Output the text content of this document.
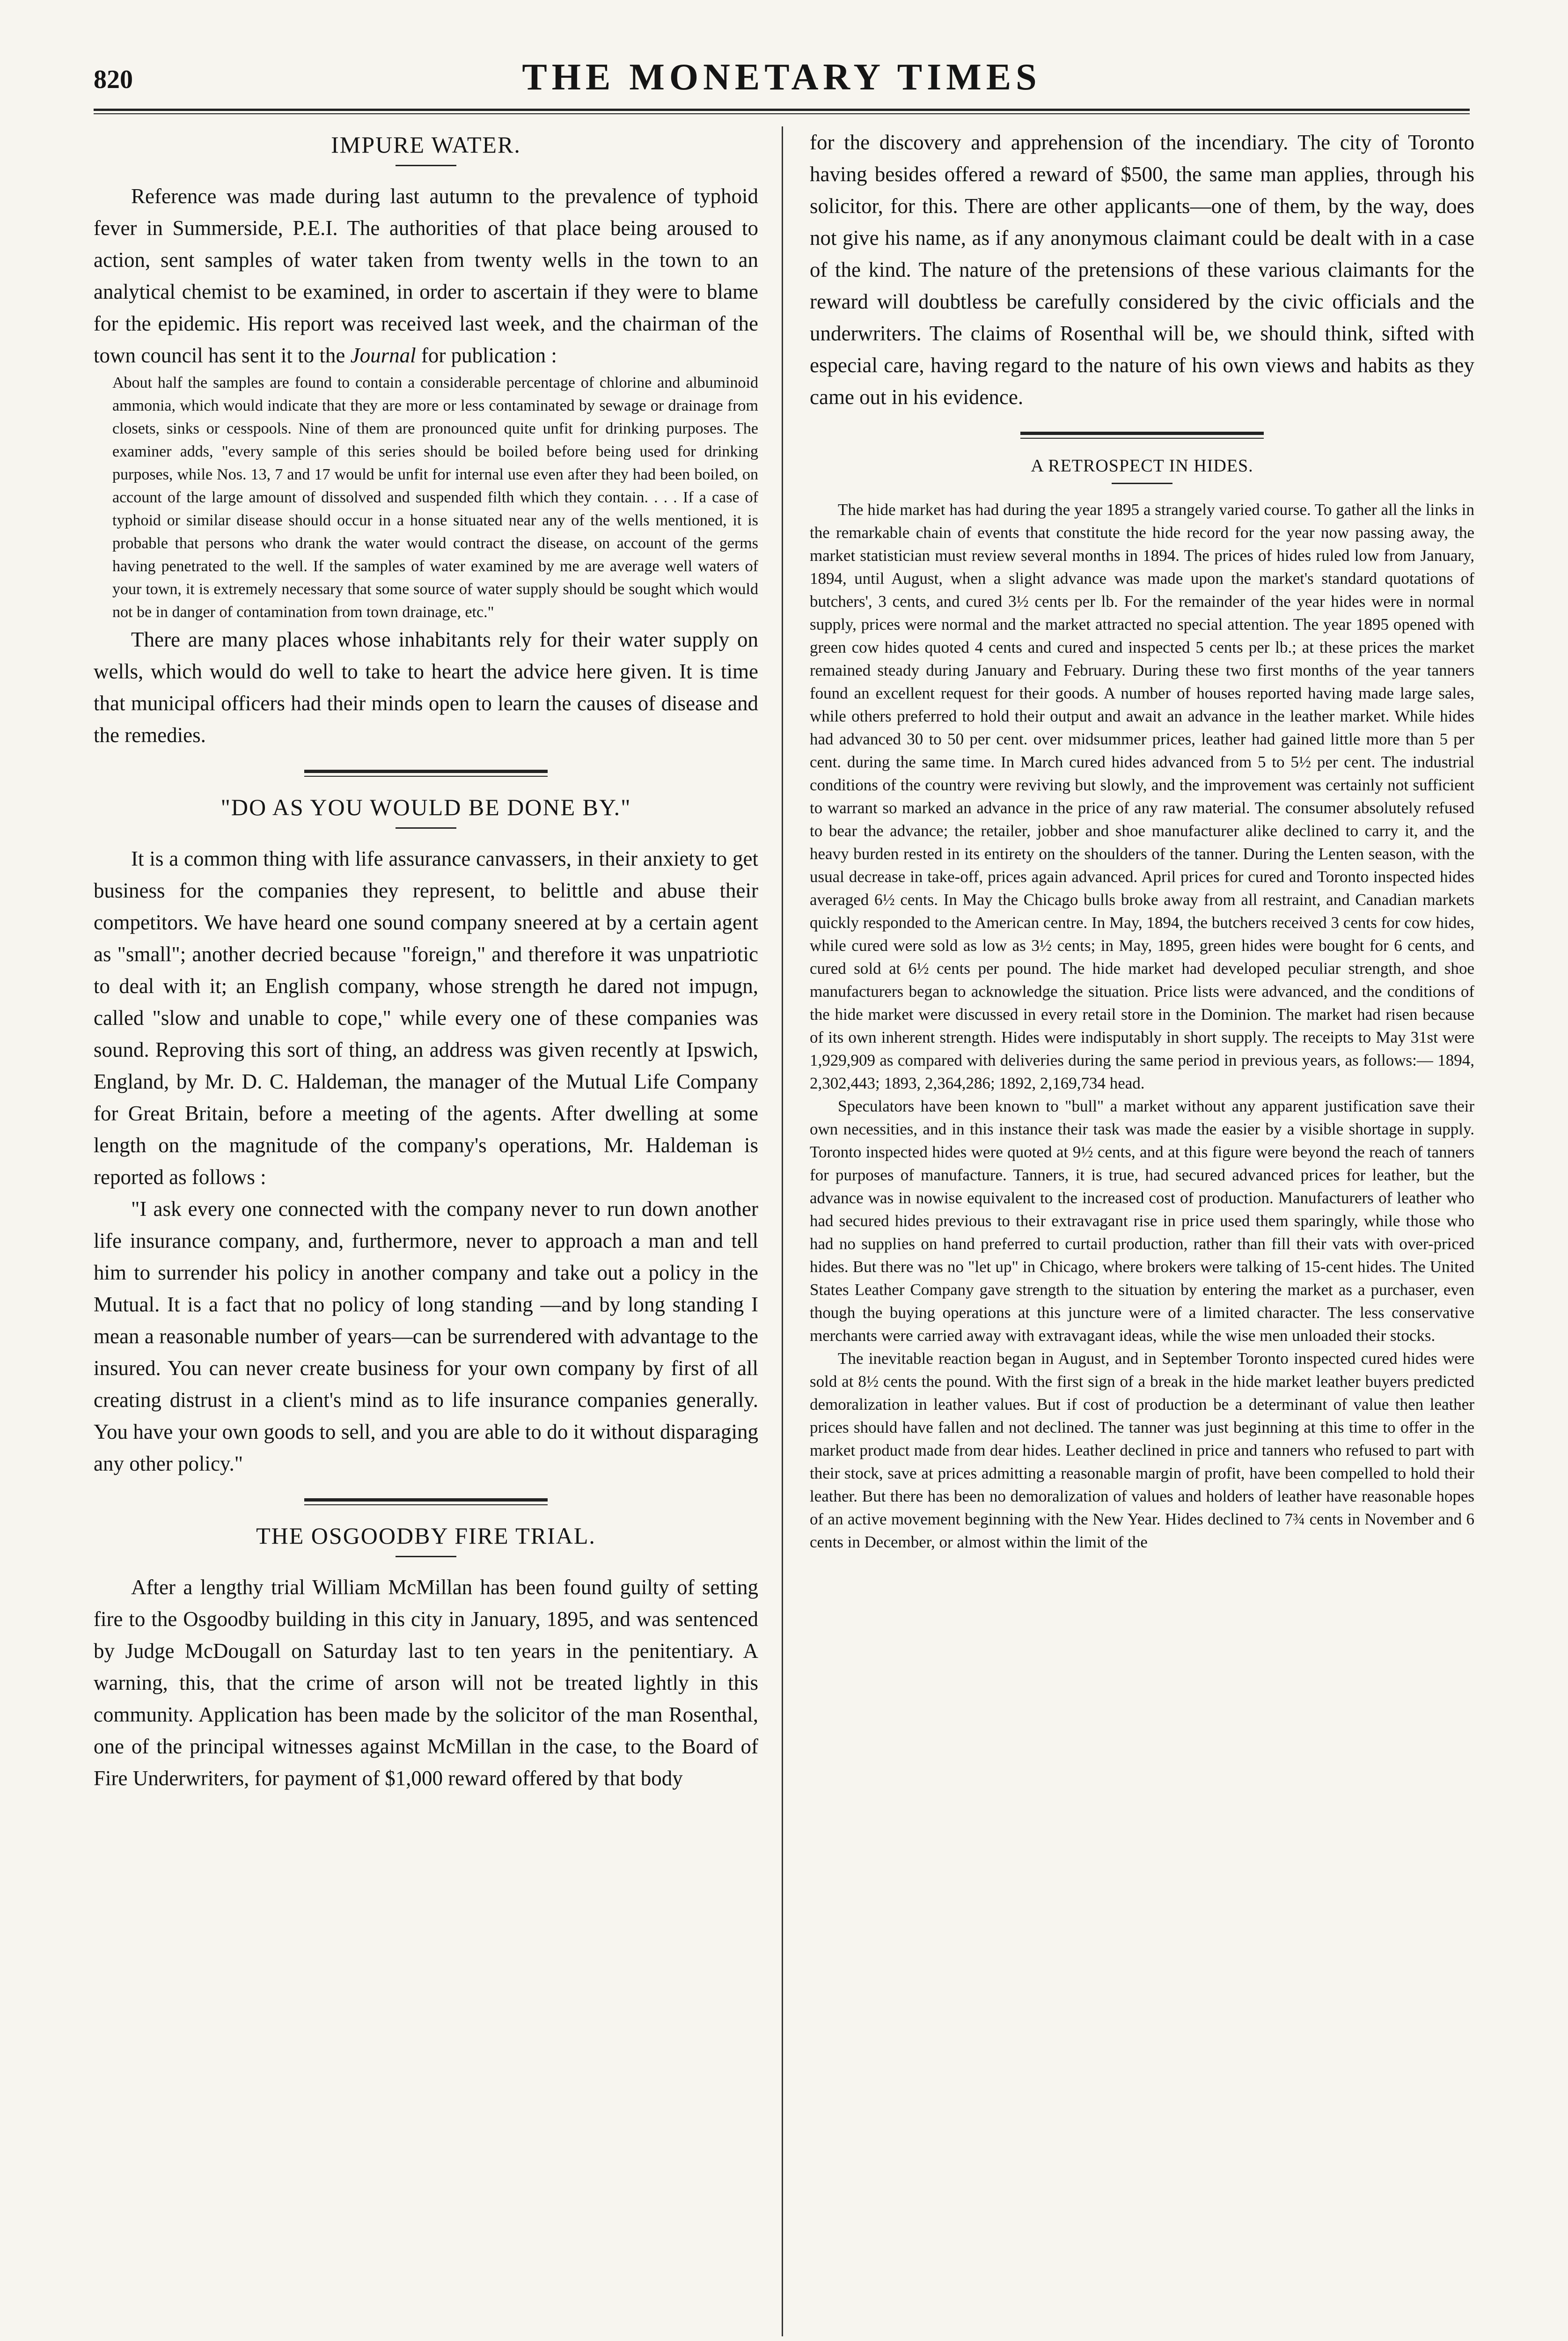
820	THE MONETARY TIMES
IMPURE WATER.

Reference was made during last autumn to the prevalence of typhoid fever in Summerside, P.E.I. The authorities of that place being aroused to action, sent samples of water taken from twenty wells in the town to an analytical chemist to be examined, in order to ascertain if they were to blame for the epidemic. His report was received last week, and the chairman of the town council has sent it to the Journal for publication :

About half the samples are found to contain a considerable percentage of chlorine and albuminoid ammonia, which would indicate that they are more or less contaminated by sewage or drainage from closets, sinks or cesspools. Nine of them are pronounced quite unfit for drinking purposes. The examiner adds, "every sample of this series should be boiled before being used for drinking purposes, while Nos. 13, 7 and 17 would be unfit for internal use even after they had been boiled, on account of the large amount of dissolved and suspended filth which they contain. . . . If a case of typhoid or similar disease should occur in a honse situated near any of the wells mentioned, it is probable that persons who drank the water would contract the disease, on account of the germs having penetrated to the well. If the samples of water examined by me are average well waters of your town, it is extremely necessary that some source of water supply should be sought which would not be in danger of contamination from town drainage, etc."

There are many places whose inhabitants rely for their water supply on wells, which would do well to take to heart the advice here given. It is time that municipal officers had their minds open to learn the causes of disease and the remedies.

"DO AS YOU WOULD BE DONE BY."

It is a common thing with life assurance canvassers, in their anxiety to get business for the companies they represent, to belittle and abuse their competitors. We have heard one sound company sneered at by a certain agent as "small"; another decried because "foreign," and therefore it was unpatriotic to deal with it; an English company, whose strength he dared not impugn, called "slow and unable to cope," while every one of these companies was sound. Reproving this sort of thing, an address was given recently at Ipswich, England, by Mr. D. C. Haldeman, the manager of the Mutual Life Company for Great Britain, before a meeting of the agents. After dwelling at some length on the magnitude of the company's operations, Mr. Haldeman is reported as follows :

"I ask every one connected with the company never to run down another life insurance company, and, furthermore, never to approach a man and tell him to surrender his policy in another company and take out a policy in the Mutual. It is a fact that no policy of long standing —and by long standing I mean a reasonable number of years—can be surrendered with advantage to the insured. You can never create business for your own company by first of all creating distrust in a client's mind as to life insurance companies generally. You have your own goods to sell, and you are able to do it without disparaging any other policy."

THE OSGOODBY FIRE TRIAL.

After a lengthy trial William McMillan has been found guilty of setting fire to the Osgoodby building in this city in January, 1895, and was sentenced by Judge McDougall on Saturday last to ten years in the penitentiary. A warning, this, that the crime of arson will not be treated lightly in this community. Application has been made by the solicitor of the man Rosenthal, one of the principal witnesses against McMillan in the case, to the Board of Fire Underwriters, for payment of $1,000 reward offered by that body

for the discovery and apprehension of the incendiary. The city of Toronto having besides offered a reward of $500, the same man applies, through his solicitor, for this. There are other applicants—one of them, by the way, does not give his name, as if any anonymous claimant could be dealt with in a case of the kind. The nature of the pretensions of these various claimants for the reward will doubtless be carefully considered by the civic officials and the underwriters. The claims of Rosenthal will be, we should think, sifted with especial care, having regard to the nature of his own views and habits as they came out in his evidence.

A RETROSPECT IN HIDES.

The hide market has had during the year 1895 a strangely varied course. To gather all the links in the remarkable chain of events that constitute the hide record for the year now passing away, the market statistician must review several months in 1894. The prices of hides ruled low from January, 1894, until August, when a slight advance was made upon the market's standard quotations of butchers', 3 cents, and cured 3½ cents per lb. For the remainder of the year hides were in normal supply, prices were normal and the market attracted no special attention. The year 1895 opened with green cow hides quoted 4 cents and cured and inspected 5 cents per lb.; at these prices the market remained steady during January and February. During these two first months of the year tanners found an excellent request for their goods. A number of houses reported having made large sales, while others preferred to hold their output and await an advance in the leather market. While hides had advanced 30 to 50 per cent. over midsummer prices, leather had gained little more than 5 per cent. during the same time. In March cured hides advanced from 5 to 5½ per cent. The industrial conditions of the country were reviving but slowly, and the improvement was certainly not sufficient to warrant so marked an advance in the price of any raw material. The consumer absolutely refused to bear the advance; the retailer, jobber and shoe manufacturer alike declined to carry it, and the heavy burden rested in its entirety on the shoulders of the tanner. During the Lenten season, with the usual decrease in take-off, prices again advanced. April prices for cured and Toronto inspected hides averaged 6½ cents. In May the Chicago bulls broke away from all restraint, and Canadian markets quickly responded to the American centre. In May, 1894, the butchers received 3 cents for cow hides, while cured were sold as low as 3½ cents; in May, 1895, green hides were bought for 6 cents, and cured sold at 6½ cents per pound. The hide market had developed peculiar strength, and shoe manufacturers began to acknowledge the situation. Price lists were advanced, and the conditions of the hide market were discussed in every retail store in the Dominion. The market had risen because of its own inherent strength. Hides were indisputably in short supply. The receipts to May 31st were 1,929,909 as compared with deliveries during the same period in previous years, as follows:— 1894, 2,302,443; 1893, 2,364,286; 1892, 2,169,734 head.

Speculators have been known to "bull" a market without any apparent justification save their own necessities, and in this instance their task was made the easier by a visible shortage in supply. Toronto inspected hides were quoted at 9½ cents, and at this figure were beyond the reach of tanners for purposes of manufacture. Tanners, it is true, had secured advanced prices for leather, but the advance was in nowise equivalent to the increased cost of production. Manufacturers of leather who had secured hides previous to their extravagant rise in price used them sparingly, while those who had no supplies on hand preferred to curtail production, rather than fill their vats with over-priced hides. But there was no "let up" in Chicago, where brokers were talking of 15-cent hides. The United States Leather Company gave strength to the situation by entering the market as a purchaser, even though the buying operations at this juncture were of a limited character. The less conservative merchants were carried away with extravagant ideas, while the wise men unloaded their stocks.

The inevitable reaction began in August, and in September Toronto inspected cured hides were sold at 8½ cents the pound. With the first sign of a break in the hide market leather buyers predicted demoralization in leather values. But if cost of production be a determinant of value then leather prices should have fallen and not declined. The tanner was just beginning at this time to offer in the market product made from dear hides. Leather declined in price and tanners who refused to part with their stock, save at prices admitting a reasonable margin of profit, have been compelled to hold their leather. But there has been no demoralization of values and holders of leather have reasonable hopes of an active movement beginning with the New Year. Hides declined to 7¾ cents in November and 6 cents in December, or almost within the limit of the
